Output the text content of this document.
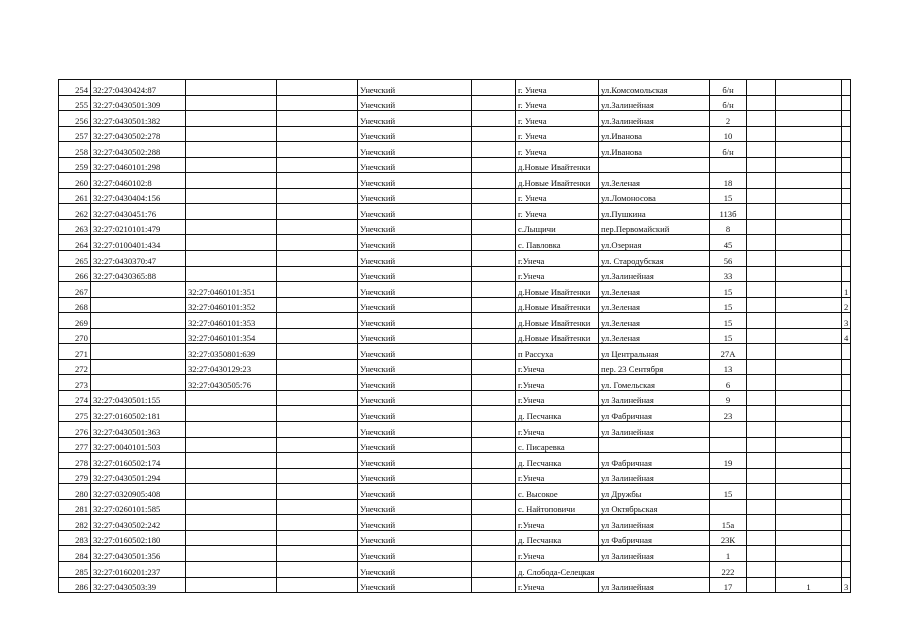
254	32:27:0430424:87			Унечский		г. Унеча	ул.Комсомольская	б/н			
255	32:27:0430501:309			Унечский		г. Унеча	ул.Залинейная	б/н			
256	32:27:0430501:382			Унечский		г. Унеча	ул.Залинейная	2			
257	32:27:0430502:278			Унечский		г. Унеча	ул.Иванова	10			
258	32:27:0430502:288			Унечский		г. Унеча	ул.Иванова	б/н			
259	32:27:0460101:298			Унечский		д.Новые Ивайтенки					
260	32:27:0460102:8			Унечский		д.Новые Ивайтенки	ул.Зеленая	18			
261	32:27:0430404:156			Унечский		г. Унеча	ул.Ломоносова	15			
262	32:27:0430451:76			Унечский		г. Унеча	ул.Пушкина	113б			
263	32:27:0210101:479			Унечский		с.Лыщичи	пер.Первомайский	8			
264	32:27:0100401:434			Унечский		с. Павловка	ул.Озерная	45			
265	32:27:0430370:47			Унечский		г.Унеча	ул. Стародубская	56			
266	32:27:0430365:88			Унечский		г.Унеча	ул.Залинейная	33			
267		32:27:0460101:351		Унечский		д.Новые Ивайтенки	ул.Зеленая	15			1
268		32:27:0460101:352		Унечский		д.Новые Ивайтенки	ул.Зеленая	15			2
269		32:27:0460101:353		Унечский		д.Новые Ивайтенки	ул.Зеленая	15			3
270		32:27:0460101:354		Унечский		д.Новые Ивайтенки	ул.Зеленая	15			4
271		32:27:0350801:639		Унечский		п Рассуха	ул Центральная	27А			
272		32:27:0430129:23		Унечский		г.Унеча	пер. 23 Сентября	13			
273		32:27:0430505:76		Унечский		г.Унеча	ул. Гомельская	6			
274	32:27:0430501:155			Унечский		г.Унеча	ул Залинейная	9			
275	32:27:0160502:181			Унечский		д. Песчанка	ул Фабричная	23			
276	32:27:0430501:363			Унечский		г.Унеча	ул Залинейная				
277	32:27:0040101:503			Унечский		с. Писаревка					
278	32:27:0160502:174			Унечский		д. Песчанка	ул Фабричная	19			
279	32:27:0430501:294			Унечский		г.Унеча	ул Залинейная				
280	32:27:0320905:408			Унечский		с. Высокое	ул Дружбы	15			
281	32:27:0260101:585			Унечский		с. Найтоповичи	ул Октябрьская				
282	32:27:0430502:242			Унечский		г.Унеча	ул Залинейная	15а			
283	32:27:0160502:180			Унечский		д. Песчанка	ул Фабричная	23К			
284	32:27:0430501:356			Унечский		г.Унеча	ул Залинейная	1			
285	32:27:0160201:237			Унечский		д. Слобода-Селецкая		222			
286	32:27:0430503:39			Унечский		г.Унеча	ул Залинейная	17		1	3
